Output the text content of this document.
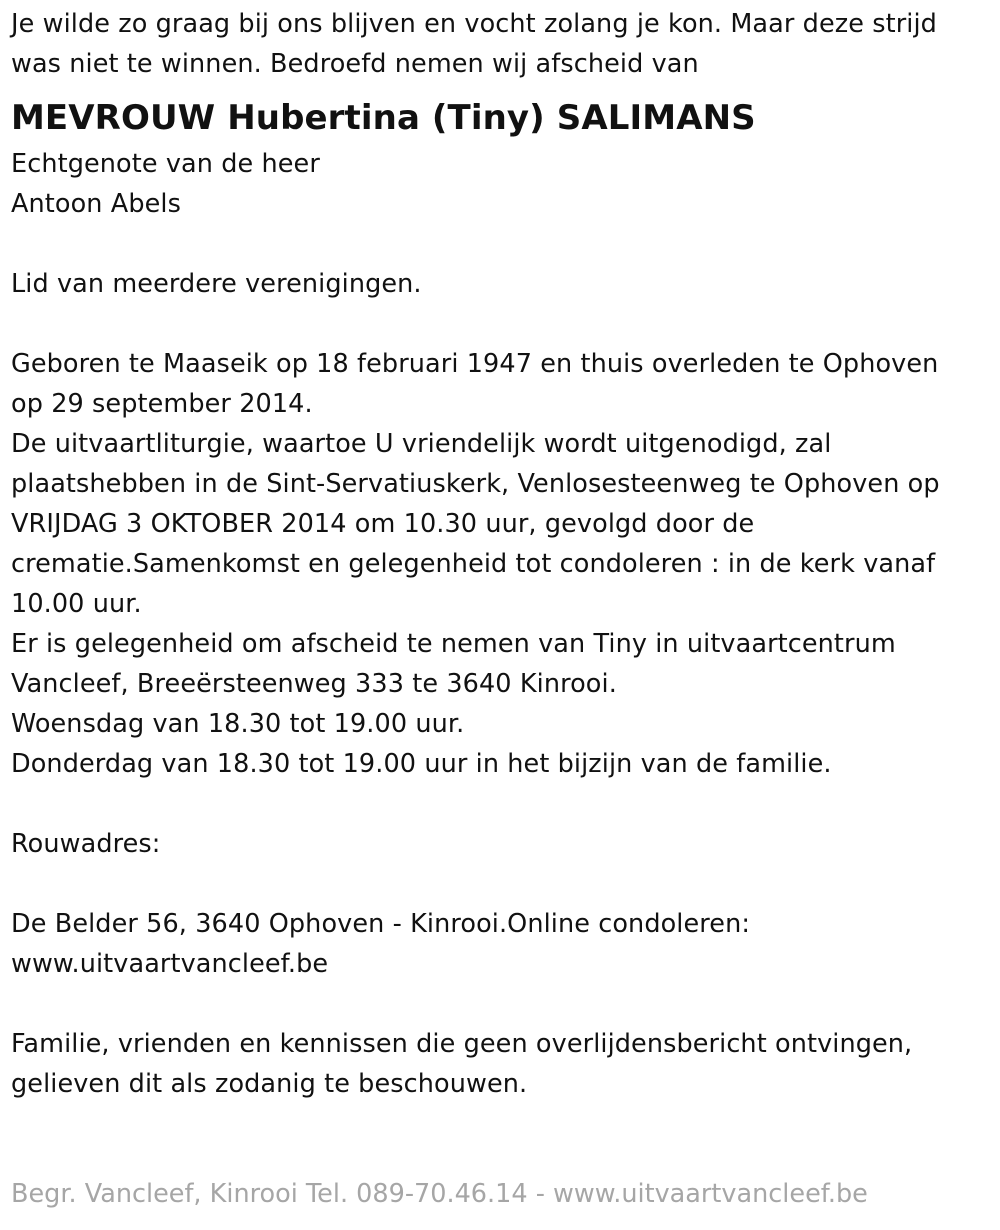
Je wilde zo graag bij ons blijven en vocht zolang je kon. Maar deze strijd
was niet te winnen. Bedroefd nemen wij afscheid van
MEVROUW Hubertina (Tiny) SALIMANS
Echtgenote van de heer
Antoon Abels
Lid van meerdere verenigingen.
Geboren te Maaseik op 18 februari 1947 en thuis overleden te Ophoven
op 29 september 2014.
De uitvaartliturgie, waartoe U vriendelijk wordt uitgenodigd, zal
plaatshebben in de Sint-Servatiuskerk, Venlosesteenweg te Ophoven op
VRIJDAG 3 OKTOBER 2014 om 10.30 uur, gevolgd door de
crematie.Samenkomst en gelegenheid tot condoleren : in de kerk vanaf
10.00 uur.
Er is gelegenheid om afscheid te nemen van Tiny in uitvaartcentrum
Vancleef, Breeërsteenweg 333 te 3640 Kinrooi.
Woensdag van 18.30 tot 19.00 uur.
Donderdag van 18.30 tot 19.00 uur in het bijzijn van de familie.
Rouwadres:
De Belder 56, 3640 Ophoven - Kinrooi.Online condoleren:
www.uitvaartvancleef.be
Familie, vrienden en kennissen die geen overlijdensbericht ontvingen,
gelieven dit als zodanig te beschouwen.
Begr. Vancleef, Kinrooi Tel. 089-70.46.14 - www.uitvaartvancleef.be
